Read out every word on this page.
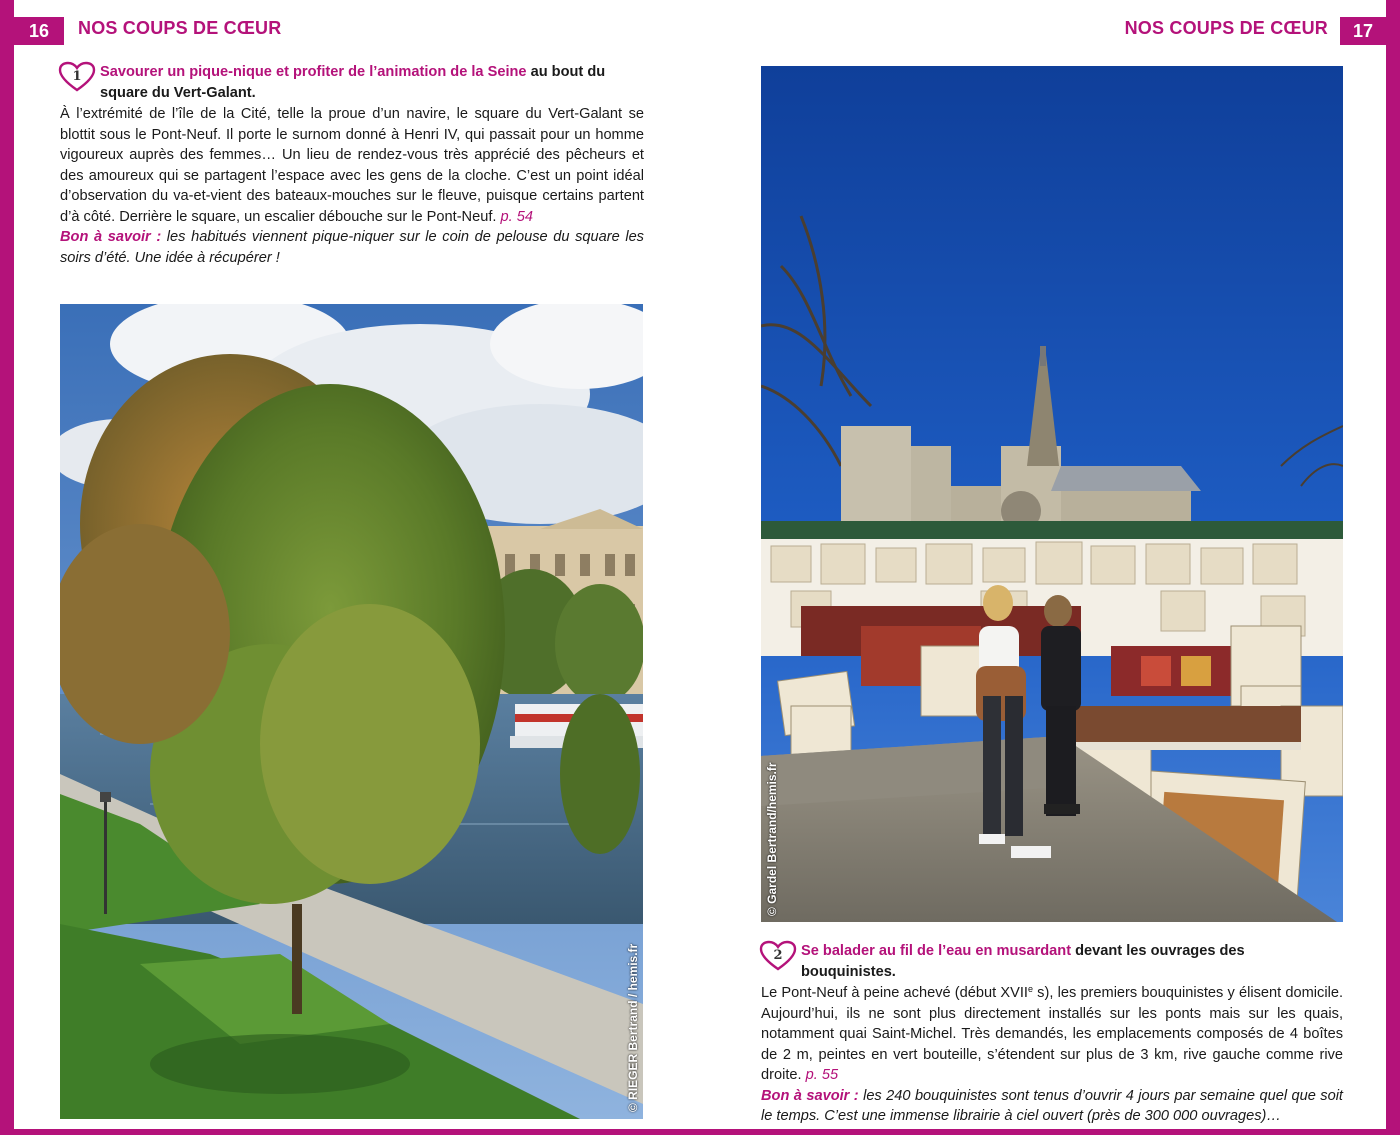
16	NOS COUPS DE CŒUR	NOS COUPS DE CŒUR	17
1	Savourer un pique-nique et profiter de l’animation de la Seine au bout du square du Vert-Galant.
À l’extrémité de l’île de la Cité, telle la proue d’un navire, le square du Vert-Galant se blottit sous le Pont-Neuf. Il porte le surnom donné à Henri IV, qui passait pour un homme vigoureux auprès des femmes… Un lieu de rendez-vous très apprécié des pêcheurs et des amoureux qui se partagent l’espace avec les gens de la cloche. C’est un point idéal d’observation du va-et-vient des bateaux-mouches sur le fleuve, puisque certains partent d’à côté. Derrière le square, un escalier débouche sur le Pont-Neuf. p. 54
Bon à savoir : les habitués viennent pique-niquer sur le coin de pelouse du square les soirs d’été. Une idée à récupérer !
© RIEGER Bertrand / hemis.fr
© Gardel Bertrand/hemis.fr
2	Se balader au fil de l’eau en musardant devant les ouvrages des bouquinistes.
Le Pont-Neuf à peine achevé (début XVIIe s), les premiers bouquinistes y élisent domicile. Aujourd’hui, ils ne sont plus directement installés sur les ponts mais sur les quais, notamment quai Saint-Michel. Très demandés, les emplacements composés de 4 boîtes de 2 m, peintes en vert bouteille, s’étendent sur plus de 3 km, rive gauche comme rive droite. p. 55
Bon à savoir : les 240 bouquinistes sont tenus d’ouvrir 4 jours par semaine quel que soit le temps. C’est une immense librairie à ciel ouvert (près de 300 000 ouvrages)…
